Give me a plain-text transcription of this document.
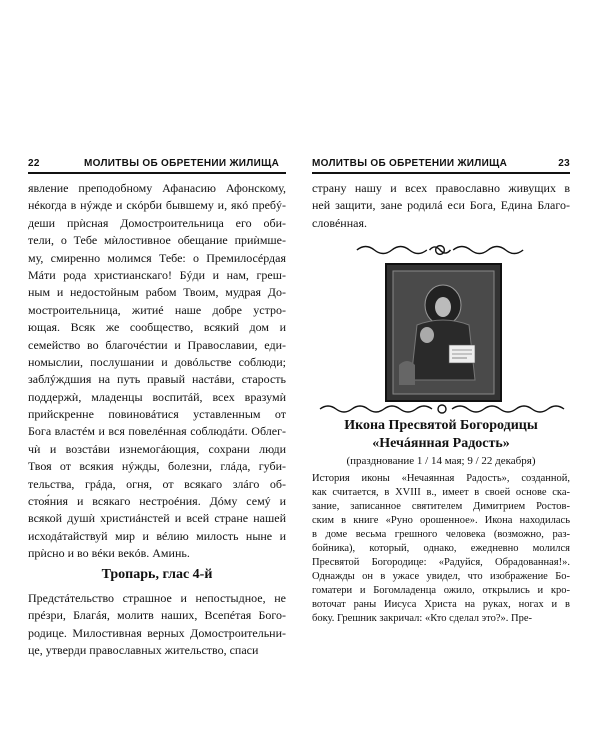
22	МОЛИТВЫ ОБ ОБРЕТЕНИИ ЖИЛИЩА	МОЛИТВЫ ОБ ОБРЕТЕНИИ ЖИЛИЩА	23
явление преподобному Афанасию Афонскому,
нéкогда в нýжде и скóрби бывшему и, якó пребý-
деши прѝсная Домостроительница его оби-
тели, о Тебе мѝлостивное обещание приѝмше-
му, смиренно молимся Тебе: о Премилосéрдая
Мáти рода христианскаго! Бýди и нам, греш-
ным и недостойным рабом Твоим, мудрая До-
мостроительница, житиé наше добре устро-
ющая. Всяк же сообщество, всякий дом и
семейство во благочéстии и Православии, еди-
номыслии, послушании и довóльстве соблюди;
заблýждшия на путь правый настáви, старость
поддержѝ, младенцы воспитáй, всех вразумѝ
прийскренне повиновáтися уставленным от
Бога властéм и вся повелéнная соблюдáти. Облег-
чѝ и возстáви изнемогáющия, сохрани люди
Твоя от всякия нýжды, болезни, глáда, губи-
тельства, грáда, огня, от всякаго злáго об-
стоя́ния и всякаго нестроéния. Дóму семý и
всякой душѝ христиáнстей и всей стране нашей
исходáтайствуй мир и вéлию милость ныне и
прѝсно и во вéки векóв. Аминь.
Тропарь, глас 4-й
Предстáтельство страшное и непостыдное, не
прéзри, Благáя, молитв наших, Всепéтая Бого-
родице. Милостивная верных Домостроительни-
це, утверди православных жительство, спаси
страну нашу и всех православно живущих в
ней защити, зане родилá еси Бога, Едина Благо-
словéнная.
Икона Пресвятой Богородицы
«Нечáянная Радость»
(празднование 1 / 14 мая; 9 / 22 декабря)
История иконы «Нечаянная Радость», созданной,
как считается, в XVIII в., имеет в своей основе ска-
зание, записанное святителем Димитрием Ростов-
ским в книге «Руно орошенное». Икона находилась
в доме весьма грешного человека (возможно, раз-
бойника), который, однако, ежедневно молился
Пресвятой Богородице: «Радуйся, Обрадованная!».
Однажды он в ужасе увидел, что изображение Бо-
гоматери и Богомладенца ожило, открылись и кро-
воточат раны Иисуса Христа на руках, ногах и в
боку. Грешник закричал: «Кто сделал это?». Пре-
